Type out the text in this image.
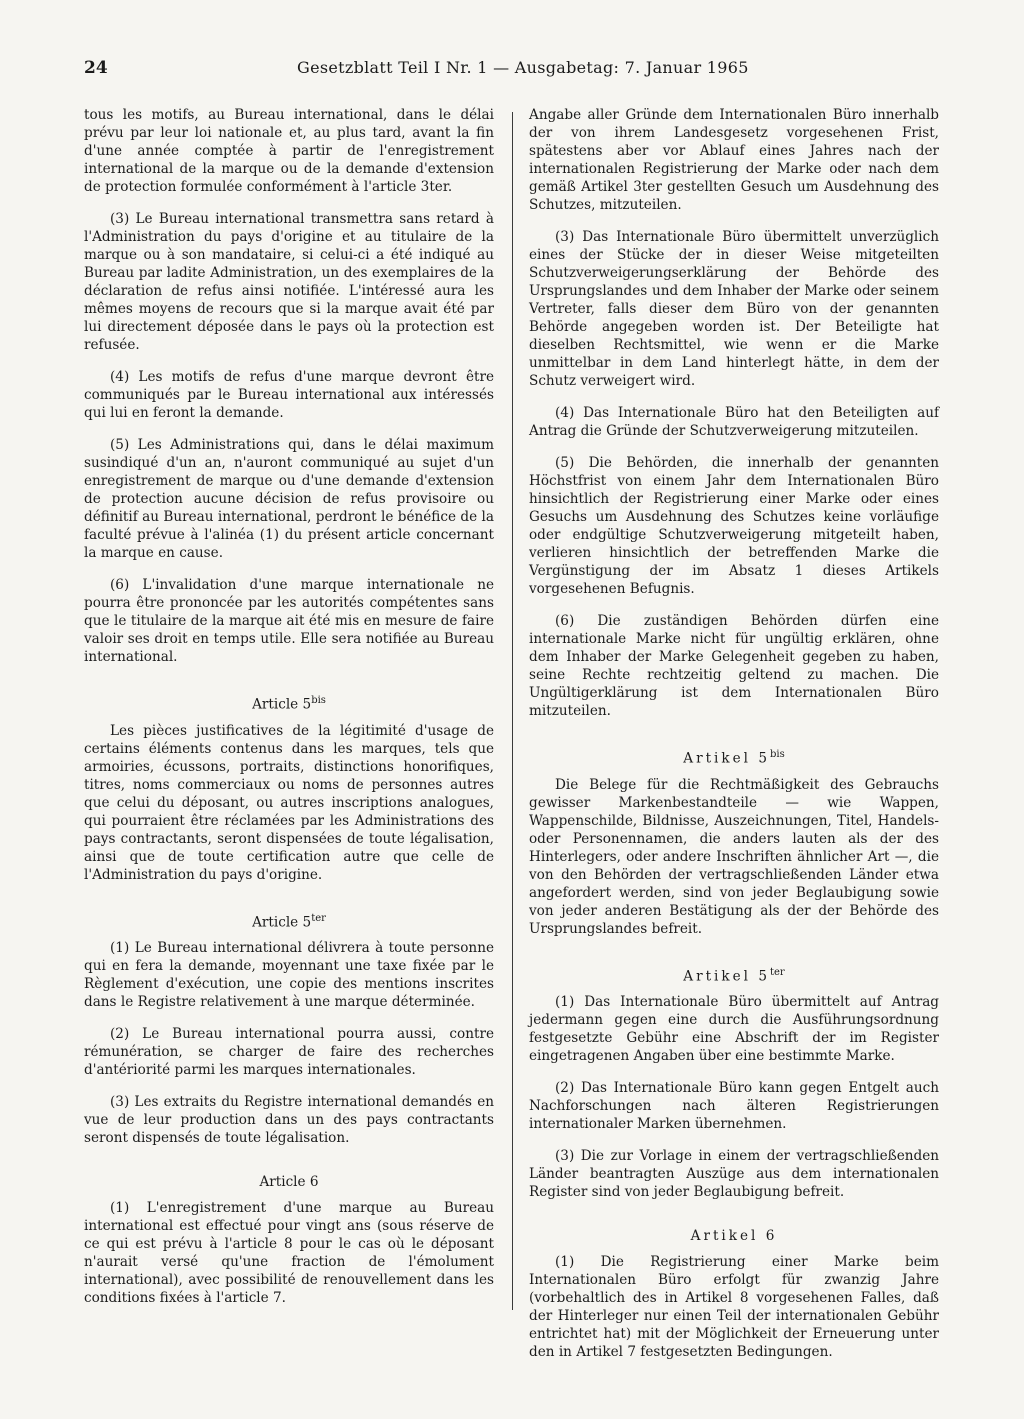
24	Gesetzblatt Teil I Nr. 1 — Ausgabetag: 7. Januar 1965

tous les motifs, au Bureau international, dans le délai prévu par leur loi nationale et, au plus tard, avant la fin d'une année comptée à partir de l'enregistrement international de la marque ou de la demande d'extension de protection formulée conformément à l'article 3ter.

(3) Le Bureau international transmettra sans retard à l'Administration du pays d'origine et au titulaire de la marque ou à son mandataire, si celui-ci a été indiqué au Bureau par ladite Administration, un des exemplaires de la déclaration de refus ainsi notifiée. L'intéressé aura les mêmes moyens de recours que si la marque avait été par lui directement déposée dans le pays où la protection est refusée.

(4) Les motifs de refus d'une marque devront être communiqués par le Bureau international aux intéressés qui lui en feront la demande.

(5) Les Administrations qui, dans le délai maximum susindiqué d'un an, n'auront communiqué au sujet d'un enregistrement de marque ou d'une demande d'extension de protection aucune décision de refus provisoire ou définitif au Bureau international, perdront le bénéfice de la faculté prévue à l'alinéa (1) du présent article concernant la marque en cause.

(6) L'invalidation d'une marque internationale ne pourra être prononcée par les autorités compétentes sans que le titulaire de la marque ait été mis en mesure de faire valoir ses droit en temps utile. Elle sera notifiée au Bureau international.

Article $5^{bis}$

Les pièces justificatives de la légitimité d'usage de certains éléments contenus dans les marques, tels que armoiries, écussons, portraits, distinctions honorifiques, titres, noms commerciaux ou noms de personnes autres que celui du déposant, ou autres inscriptions analogues, qui pourraient être réclamées par les Administrations des pays contractants, seront dispensées de toute légalisation, ainsi que de toute certification autre que celle de l'Administration du pays d'origine.

Article $5^{ter}$

(1) Le Bureau international délivrera à toute personne qui en fera la demande, moyennant une taxe fixée par le Règlement d'exécution, une copie des mentions inscrites dans le Registre relativement à une marque déterminée.

(2) Le Bureau international pourra aussi, contre rémunération, se charger de faire des recherches d'antériorité parmi les marques internationales.

(3) Les extraits du Registre international demandés en vue de leur production dans un des pays contractants seront dispensés de toute légalisation.

Article 6

(1) L'enregistrement d'une marque au Bureau international est effectué pour vingt ans (sous réserve de ce qui est prévu à l'article 8 pour le cas où le déposant n'aurait versé qu'une fraction de l'émolument international), avec possibilité de renouvellement dans les conditions fixées à l'article 7.

Angabe aller Gründe dem Internationalen Büro innerhalb der von ihrem Landesgesetz vorgesehenen Frist, spätestens aber vor Ablauf eines Jahres nach der internationalen Registrierung der Marke oder nach dem gemäß Artikel 3ter gestellten Gesuch um Ausdehnung des Schutzes, mitzuteilen.

(3) Das Internationale Büro übermittelt unverzüglich eines der Stücke der in dieser Weise mitgeteilten Schutzverweigerungserklärung der Behörde des Ursprungslandes und dem Inhaber der Marke oder seinem Vertreter, falls dieser dem Büro von der genannten Behörde angegeben worden ist. Der Beteiligte hat dieselben Rechtsmittel, wie wenn er die Marke unmittelbar in dem Land hinterlegt hätte, in dem der Schutz verweigert wird.

(4) Das Internationale Büro hat den Beteiligten auf Antrag die Gründe der Schutzverweigerung mitzuteilen.

(5) Die Behörden, die innerhalb der genannten Höchstfrist von einem Jahr dem Internationalen Büro hinsichtlich der Registrierung einer Marke oder eines Gesuchs um Ausdehnung des Schutzes keine vorläufige oder endgültige Schutzverweigerung mitgeteilt haben, verlieren hinsichtlich der betreffenden Marke die Vergünstigung der im Absatz 1 dieses Artikels vorgesehenen Befugnis.

(6) Die zuständigen Behörden dürfen eine internationale Marke nicht für ungültig erklären, ohne dem Inhaber der Marke Gelegenheit gegeben zu haben, seine Rechte rechtzeitig geltend zu machen. Die Ungültigerklärung ist dem Internationalen Büro mitzuteilen.

Artikel $5^{bis}$

Die Belege für die Rechtmäßigkeit des Gebrauchs gewisser Markenbestandteile — wie Wappen, Wappenschilde, Bildnisse, Auszeichnungen, Titel, Handels- oder Personennamen, die anders lauten als der des Hinterlegers, oder andere Inschriften ähnlicher Art —, die von den Behörden der vertragschließenden Länder etwa angefordert werden, sind von jeder Beglaubigung sowie von jeder anderen Bestätigung als der der Behörde des Ursprungslandes befreit.

Artikel $5^{ter}$

(1) Das Internationale Büro übermittelt auf Antrag jedermann gegen eine durch die Ausführungsordnung festgesetzte Gebühr eine Abschrift der im Register eingetragenen Angaben über eine bestimmte Marke.

(2) Das Internationale Büro kann gegen Entgelt auch Nachforschungen nach älteren Registrierungen internationaler Marken übernehmen.

(3) Die zur Vorlage in einem der vertragschließenden Länder beantragten Auszüge aus dem internationalen Register sind von jeder Beglaubigung befreit.

Artikel 6

(1) Die Registrierung einer Marke beim Internationalen Büro erfolgt für zwanzig Jahre (vorbehaltlich des in Artikel 8 vorgesehenen Falles, daß der Hinterleger nur einen Teil der internationalen Gebühr entrichtet hat) mit der Möglichkeit der Erneuerung unter den in Artikel 7 festgesetzten Bedingungen.
